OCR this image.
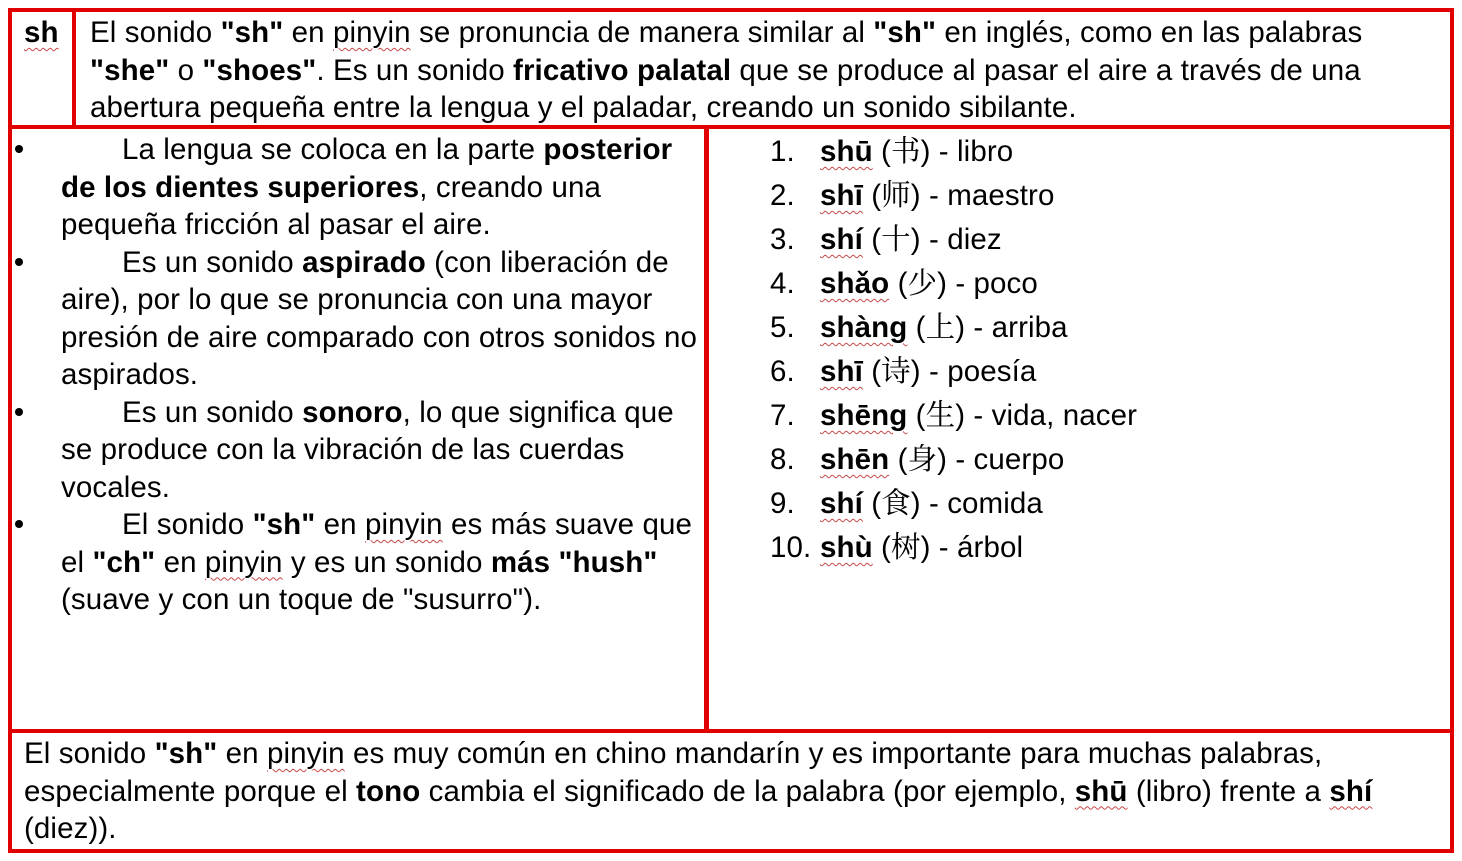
sh El sonido "sh" en pinyin se pronuncia de manera similar al "sh" en inglés, como en las palabras "she" o "shoes". Es un sonido fricativo palatal que se produce al pasar el aire a través de una abertura pequeña entre la lengua y el paladar, creando un sonido sibilante.
La lengua se coloca en la parte posterior de los dientes superiores, creando una pequeña fricción al pasar el aire.
Es un sonido aspirado (con liberación de aire), por lo que se pronuncia con una mayor presión de aire comparado con otros sonidos no aspirados.
Es un sonido sonoro, lo que significa que se produce con la vibración de las cuerdas vocales.
El sonido "sh" en pinyin es más suave que el "ch" en pinyin y es un sonido más "hush" (suave y con un toque de "susurro").
1. shū (书) - libro
2. shī (师) - maestro
3. shí (十) - diez
4. shǎo (少) - poco
5. shàng (上) - arriba
6. shī (诗) - poesía
7. shēng (生) - vida, nacer
8. shēn (身) - cuerpo
9. shí (食) - comida
10. shù (树) - árbol
El sonido "sh" en pinyin es muy común en chino mandarín y es importante para muchas palabras, especialmente porque el tono cambia el significado de la palabra (por ejemplo, shū (libro) frente a shí (diez)).
